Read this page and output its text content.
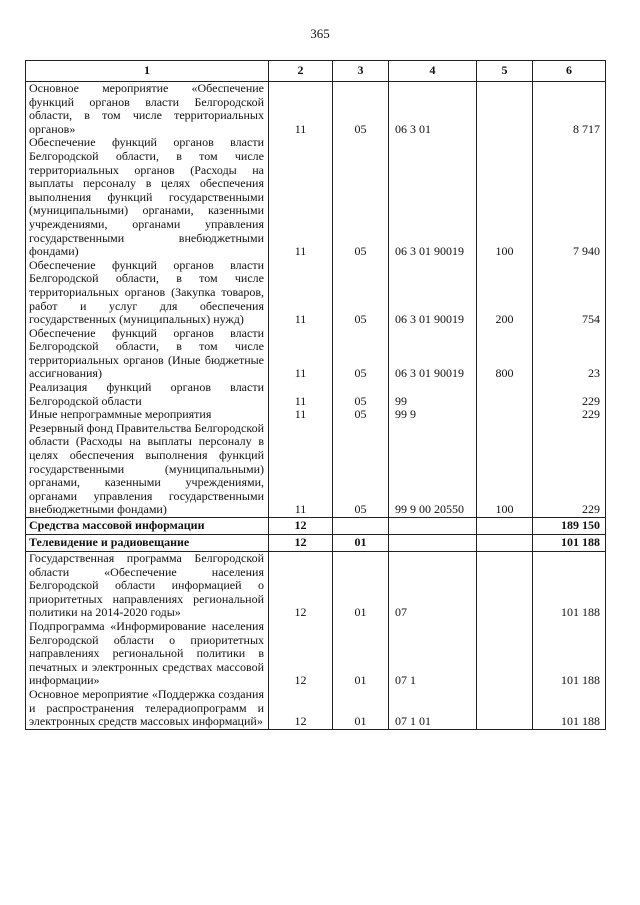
365
1	2	3	4	5	6
Основное мероприятие «Обеспечение функций органов власти Белгородской области, в том числе территориальных органов»	11	05	06 3 01		8 717
Обеспечение функций органов власти Белгородской области, в том числе территориальных органов (Расходы на выплаты персоналу в целях обеспечения выполнения функций государственными (муниципальными) органами, казенными учреждениями, органами управления государственными внебюджетными фондами)	11	05	06 3 01 90019	100	7 940
Обеспечение функций органов власти Белгородской области, в том числе территориальных органов (Закупка товаров, работ и услуг для обеспечения государственных (муниципальных) нужд)	11	05	06 3 01 90019	200	754
Обеспечение функций органов власти Белгородской области, в том числе территориальных органов (Иные бюджетные ассигнования)	11	05	06 3 01 90019	800	23
Реализация функций органов власти Белгородской области	11	05	99		229
Иные непрограммные мероприятия	11	05	99 9		229
Резервный фонд Правительства Белгородской области (Расходы на выплаты персоналу в целях обеспечения выполнения функций государственными (муниципальными) органами, казенными учреждениями, органами управления государственными внебюджетными фондами)	11	05	99 9 00 20550	100	229
Средства массовой информации	12				189 150
Телевидение и радиовещание	12	01			101 188
Государственная программа Белгородской области «Обеспечение населения Белгородской области информацией о приоритетных направлениях региональной политики на 2014-2020 годы»	12	01	07		101 188
Подпрограмма «Информирование населения Белгородской области о приоритетных направлениях региональной политики в печатных и электронных средствах массовой информации»	12	01	07 1		101 188
Основное мероприятие «Поддержка создания и распространения телерадиопрограмм и электронных средств массовых информаций»	12	01	07 1 01		101 188
